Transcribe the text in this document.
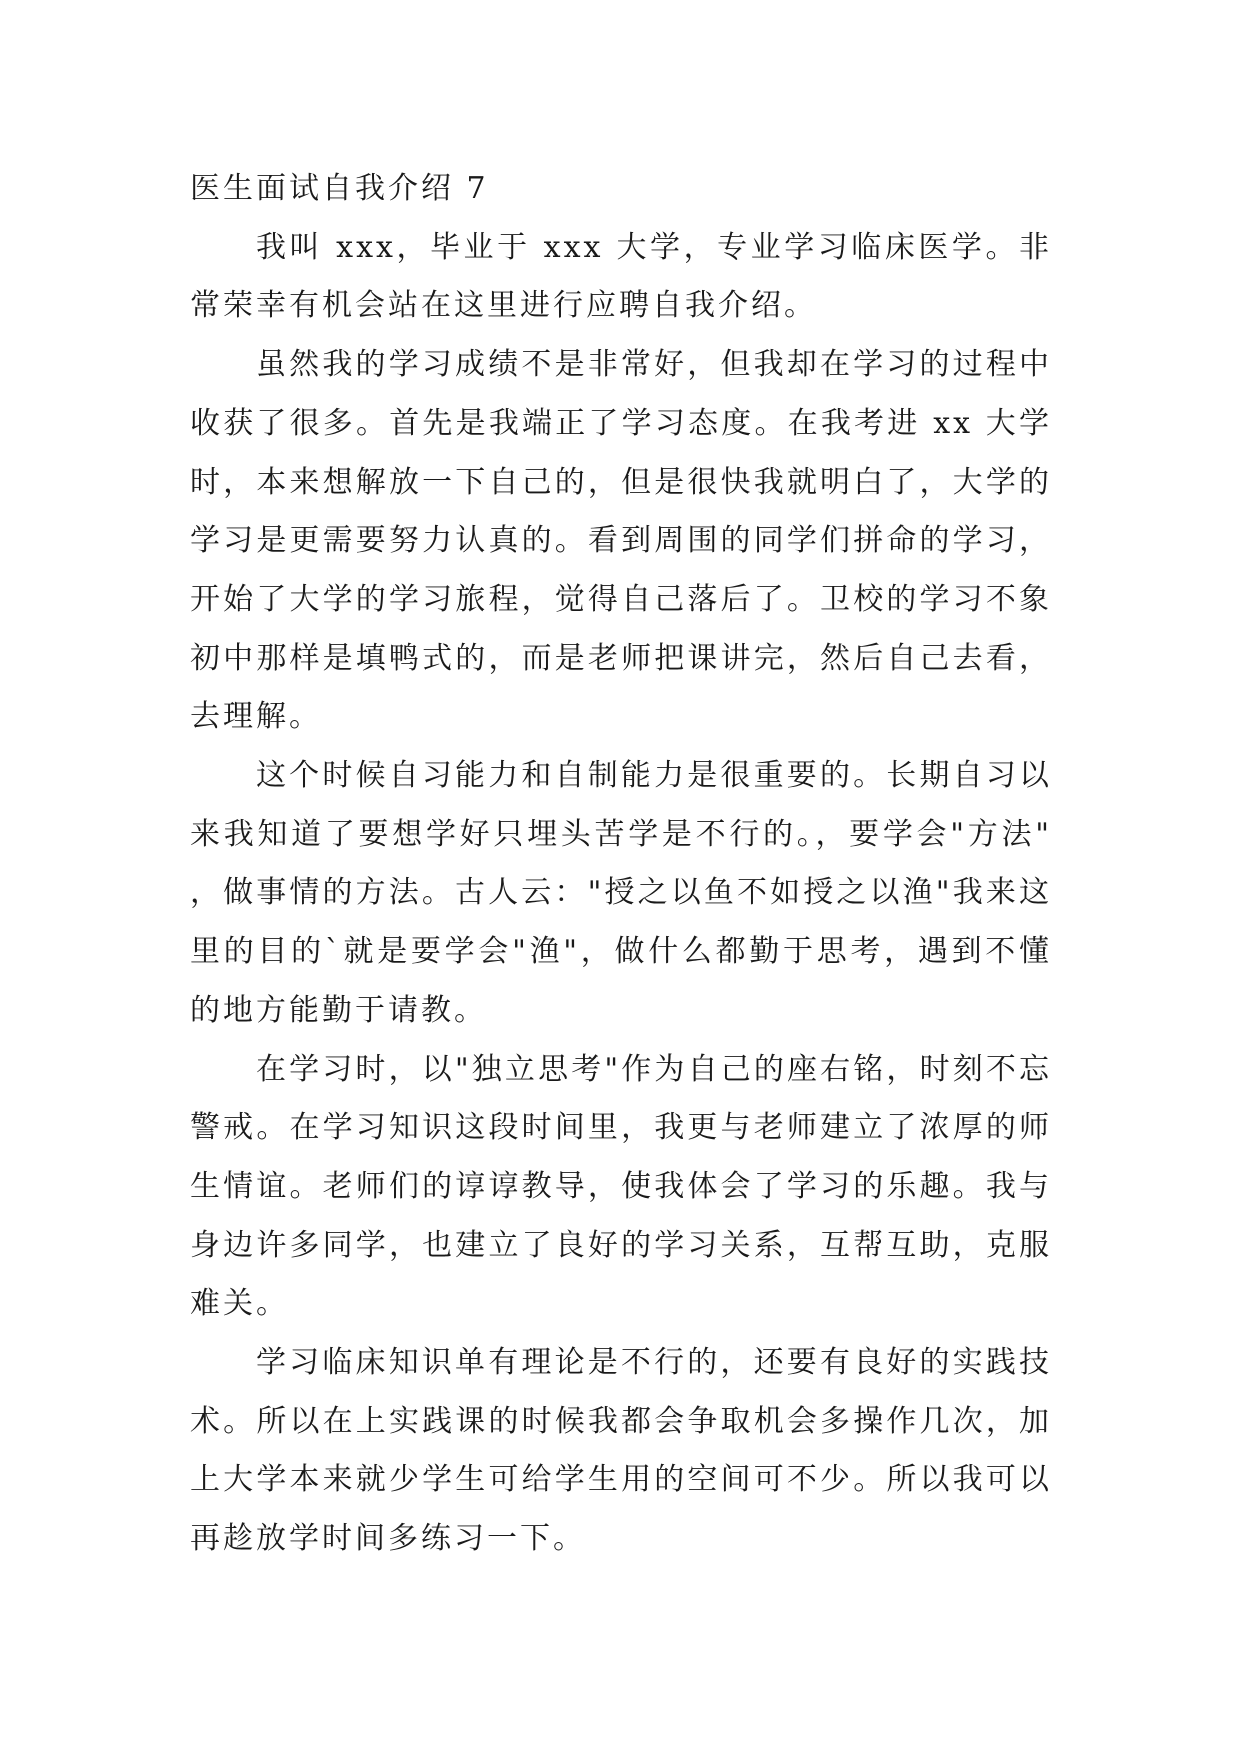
医生面试自我介绍 7

我叫 xxx，毕业于 xxx 大学，专业学习临床医学。非常荣幸有机会站在这里进行应聘自我介绍。

虽然我的学习成绩不是非常好，但我却在学习的过程中收获了很多。首先是我端正了学习态度。在我考进 xx 大学时，本来想解放一下自己的，但是很快我就明白了，大学的学习是更需要努力认真的。看到周围的同学们拼命的学习，开始了大学的学习旅程，觉得自己落后了。卫校的学习不象初中那样是填鸭式的，而是老师把课讲完，然后自己去看，去理解。

这个时候自习能力和自制能力是很重要的。长期自习以来我知道了要想学好只埋头苦学是不行的。，要学会"方法"，做事情的方法。古人云："授之以鱼不如授之以渔"我来这里的目的`就是要学会"渔"，做什么都勤于思考，遇到不懂的地方能勤于请教。

在学习时，以"独立思考"作为自己的座右铭，时刻不忘警戒。在学习知识这段时间里，我更与老师建立了浓厚的师生情谊。老师们的谆谆教导，使我体会了学习的乐趣。我与身边许多同学，也建立了良好的学习关系，互帮互助，克服难关。

学习临床知识单有理论是不行的，还要有良好的实践技术。所以在上实践课的时候我都会争取机会多操作几次，加上大学本来就少学生可给学生用的空间可不少。所以我可以再趁放学时间多练习一下。
